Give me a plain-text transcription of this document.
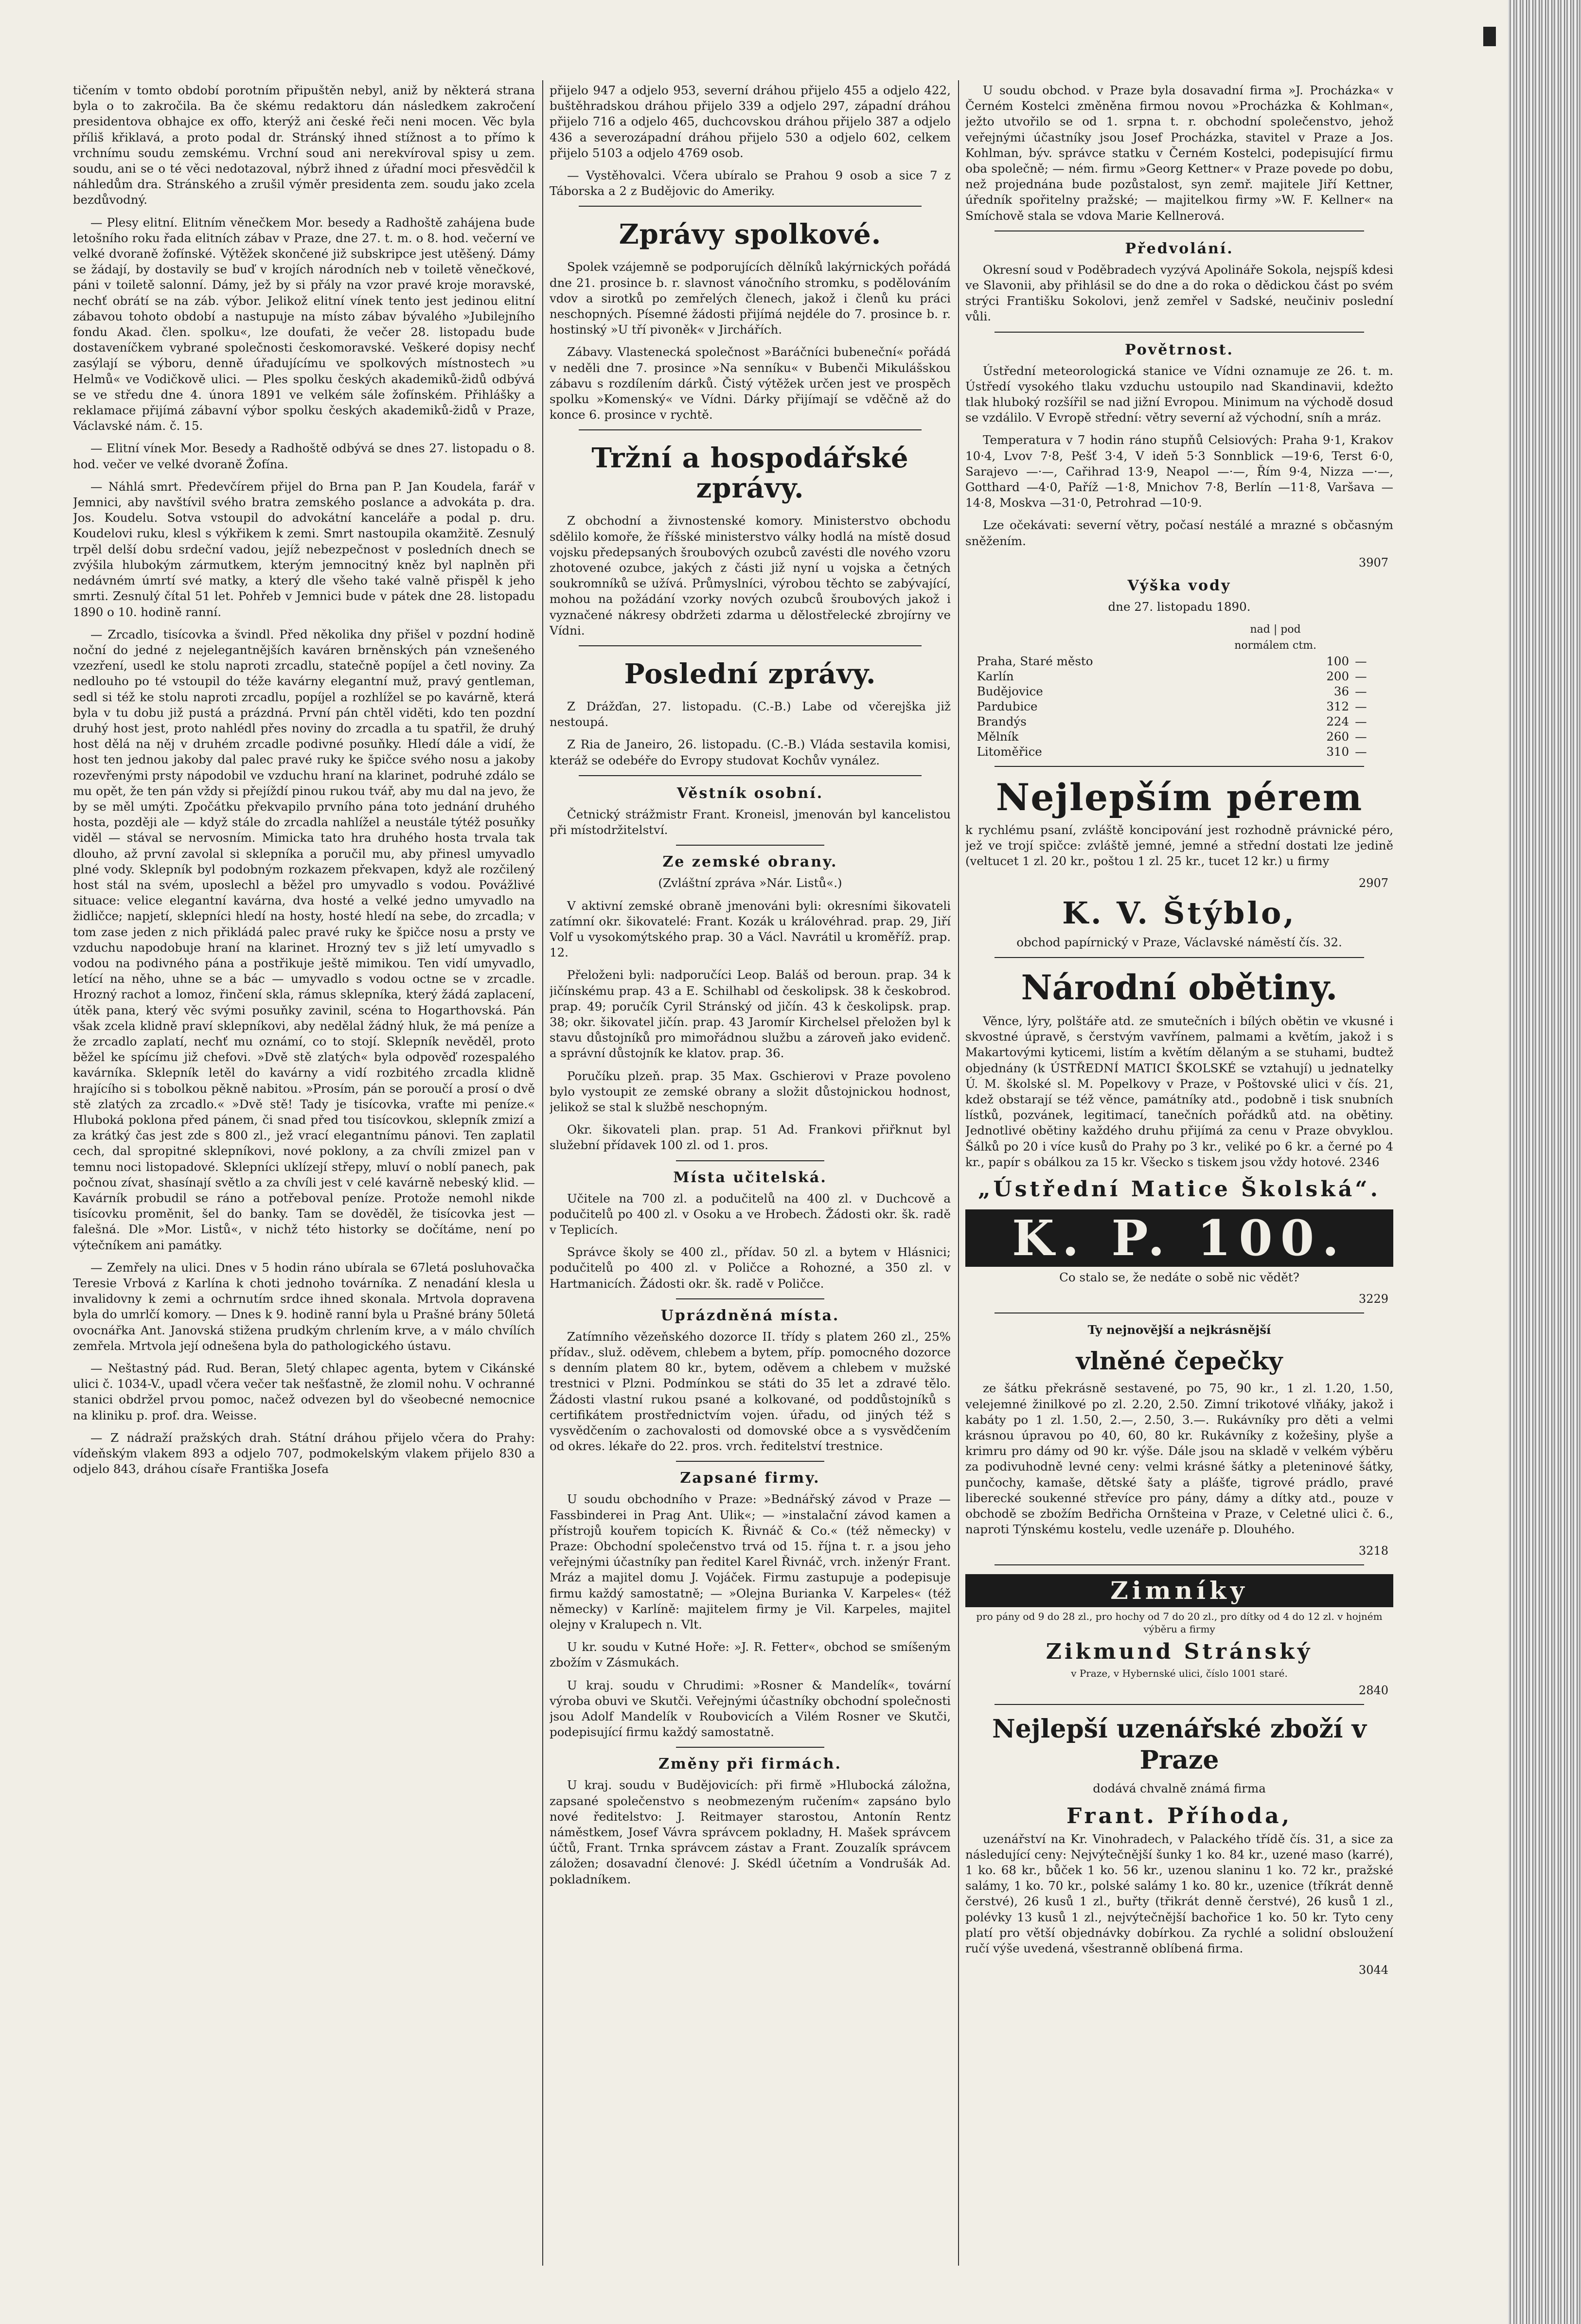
tičením v tomto období porotním připuštěn nebyl, aniž by některá strana byla o to zakročila. Ba če skému redaktoru dán následkem zakročení presidentova obhajce ex offo, kterýž ani české řeči neni mocen. Věc byla příliš křiklavá, a proto podal dr. Stránský ihned stížnost a to přímo k vrchnímu soudu zemskému. Vrchní soud ani nerekvíroval spisy u zem. soudu, ani se o té věci nedotazoval, nýbrž ihned z úřadní moci přesvědčil k náhledům dra. Stránského a zrušil výměr presidenta zem. soudu jako zcela bezdůvodný.

— Plesy elitní. Elitním věnečkem Mor. besedy a Radhoště zahájena bude letošního roku řada elitních zábav v Praze, dne 27. t. m. o 8. hod. večerní ve velké dvoraně žofínské. Výtěžek skončené již subskripce jest utěšený. Dámy se žádají, by dostavily se buď v krojích národních neb v toiletě věnečkové, páni v toiletě salonní. Dámy, jež by si přály na vzor pravé kroje moravské, nechť obrátí se na záb. výbor. Jelikož elitní vínek tento jest jedinou elitní zábavou tohoto období a nastupuje na místo zábav bývalého »Jubilejního fondu Akad. člen. spolku«, lze doufati, že večer 28. listopadu bude dostaveníčkem vybrané společnosti českomoravské. Veškeré dopisy nechť zasýlají se výboru, denně úřadujícímu ve spolkových místnostech »u Helmů« ve Vodičkově ulici. — Ples spolku českých akademiků-židů odbývá se ve středu dne 4. února 1891 ve velkém sále žofínském. Přihlášky a reklamace přijímá zábavní výbor spolku českých akademiků-židů v Praze, Václavské nám. č. 15.

— Elitní vínek Mor. Besedy a Radhoště odbývá se dnes 27. listopadu o 8. hod. večer ve velké dvoraně Žofína.

— Náhlá smrt. Předevčírem přijel do Brna pan P. Jan Koudela, farář v Jemnici, aby navštívil svého bratra zemského poslance a advokáta p. dra. Jos. Koudelu. Sotva vstoupil do advokátní kanceláře a podal p. dru. Koudelovi ruku, klesl s výkřikem k zemi. Smrt nastoupila okamžitě. Zesnulý trpěl delší dobu srdeční vadou, jejíž nebezpečnost v posledních dnech se zvýšila hlubokým zármutkem, kterým jemnocitný kněz byl naplněn při nedávném úmrtí své matky, a který dle všeho také valně přispěl k jeho smrti. Zesnulý čítal 51 let. Pohřeb v Jemnici bude v pátek dne 28. listopadu 1890 o 10. hodině ranní.

— Zrcadlo, tisícovka a švindl. Před několika dny přišel v pozdní hodině noční do jedné z nejelegantnějších kaváren brněnských pán vznešeného vzezření, usedl ke stolu naproti zrcadlu, statečně popíjel a četl noviny. Za nedlouho po té vstoupil do téže kavárny elegantní muž, pravý gentleman, sedl si též ke stolu naproti zrcadlu, popíjel a rozhlížel se po kavárně, která byla v tu dobu již pustá a prázdná. První pán chtěl viděti, kdo ten pozdní druhý host jest, proto nahlédl přes noviny do zrcadla a tu spatřil, že druhý host dělá na něj v druhém zrcadle podivné posuňky. Hledí dále a vidí, že host ten jednou jakoby dal palec pravé ruky ke špičce svého nosu a jakoby rozevřenými prsty nápodobil ve vzduchu hraní na klarinet, podruhé zdálo se mu opět, že ten pán vždy si přejíždí pinou rukou tvář, aby mu dal na jevo, že by se měl umýti. Zpočátku překvapilo prvního pána toto jednání druhého hosta, později ale — když stále do zrcadla nahlížel a neustále týtéž posuňky viděl — stával se nervosním. Mimicka tato hra druhého hosta trvala tak dlouho, až první zavolal si sklepníka a poručil mu, aby přinesl umyvadlo plné vody. Sklepník byl podobným rozkazem překvapen, když ale rozčilený host stál na svém, uposlechl a běžel pro umyvadlo s vodou. Povážlivé situace: velice elegantní kavárna, dva hosté a velké jedno umyvadlo na židličce; napjetí, sklepníci hledí na hosty, hosté hledí na sebe, do zrcadla; v tom zase jeden z nich přikládá palec pravé ruky ke špičce nosu a prsty ve vzduchu napodobuje hraní na klarinet. Hrozný tev s již letí umyvadlo s vodou na podivného pána a postřikuje ještě mimikou. Ten vidí umyvadlo, letící na něho, uhne se a bác — umyvadlo s vodou octne se v zrcadle. Hrozný rachot a lomoz, řinčení skla, rámus sklepníka, který žádá zaplacení, útěk pana, který věc svými posuňky zavinil, scéna to Hogarthovská. Pán však zcela klidně praví sklepníkovi, aby nedělal žádný hluk, že má peníze a že zrcadlo zaplatí, nechť mu oznámí, co to stojí. Sklepník nevěděl, proto běžel ke spícímu již chefovi. »Dvě stě zlatých« byla odpověď rozespalého kavárníka. Sklepník letěl do kavárny a vidí rozbitého zrcadla klidně hrajícího si s tobolkou pěkně nabitou. »Prosím, pán se poroučí a prosí o dvě stě zlatých za zrcadlo.« »Dvě stě! Tady je tisícovka, vraťte mi peníze.« Hluboká poklona před pánem, či snad před tou tisícovkou, sklepník zmizí a za krátký čas jest zde s 800 zl., jež vrací elegantnímu pánovi. Ten zaplatil cech, dal spropitné sklepníkovi, nové poklony, a za chvíli zmizel pan v temnu noci listopadové. Sklepníci uklízejí střepy, mluví o noblí panech, pak počnou zívat, shasínají světlo a za chvíli jest v celé kavárně nebeský klid. — Kavárník probudil se ráno a potřeboval peníze. Protože nemohl nikde tisícovku proměnit, šel do banky. Tam se dověděl, že tisícovka jest — falešná. Dle »Mor. Listů«, v nichž této historky se dočítáme, není po výtečníkem ani památky.

— Zemřely na ulici. Dnes v 5 hodin ráno ubírala se 67letá posluhovačka Teresie Vrbová z Karlína k choti jednoho továrníka. Z nenadání klesla u invalidovny k zemi a ochrnutím srdce ihned skonala. Mrtvola dopravena byla do umrlčí komory. — Dnes k 9. hodině ranní byla u Prašné brány 50letá ovocnářka Ant. Janovská stižena prudkým chrlením krve, a v málo chvílích zemřela. Mrtvola její odnešena byla do pathologického ústavu.

— Neštastný pád. Rud. Beran, 5letý chlapec agenta, bytem v Cikánské ulici č. 1034-V., upadl včera večer tak nešťastně, že zlomil nohu. V ochranné stanici obdržel prvou pomoc, načež odvezen byl do všeobecné nemocnice na kliniku p. prof. dra. Weisse.

— Z nádraží pražských drah. Státní dráhou přijelo včera do Prahy: vídeňským vlakem 893 a odjelo 707, podmokelským vlakem přijelo 830 a odjelo 843, dráhou císaře Františka Josefa

přijelo 947 a odjelo 953, severní dráhou přijelo 455 a odjelo 422, buštěhradskou dráhou přijelo 339 a odjelo 297, západní dráhou přijelo 716 a odjelo 465, duchcovskou dráhou přijelo 387 a odjelo 436 a severozápadní dráhou přijelo 530 a odjelo 602, celkem přijelo 5103 a odjelo 4769 osob.

— Vystěhovalci. Včera ubíralo se Prahou 9 osob a sice 7 z Táborska a 2 z Budějovic do Ameriky.

Zprávy spolkové.

Spolek vzájemně se podporujících dělníků lakýrnických pořádá dne 21. prosince b. r. slavnost vánočního stromku, s podělováním vdov a sirotků po zemřelých členech, jakož i členů ku práci neschopných. Písemné žádosti přijímá nejdéle do 7. prosince b. r. hostinský »U tří pivoněk« v Jirchářích.

Zábavy. Vlastenecká společnost »Baráčníci bubeneční« pořádá v neděli dne 7. prosince »Na senníku« v Bubenči Mikulášskou zábavu s rozdílením dárků. Čistý výtěžek určen jest ve prospěch spolku »Komenský« ve Vídni. Dárky přijímají se vděčně až do konce 6. prosince v rychtě.

Tržní a hospodářské zprávy.

Z obchodní a živnostenské komory. Ministerstvo obchodu sdělilo komoře, že říšské ministerstvo války hodlá na místě dosud vojsku předepsaných šroubových ozubců zavésti dle nového vzoru zhotovené ozubce, jakých z části již nyní u vojska a četných soukromníků se užívá. Průmyslníci, výrobou těchto se zabývající, mohou na požádání vzorky nových ozubců šroubových jakož i vyznačené nákresy obdržeti zdarma u dělostřelecké zbrojírny ve Vídni.

Poslední zprávy.

Z Drážďan, 27. listopadu. (C.-B.) Labe od včerejška již nestoupá.

Z Ria de Janeiro, 26. listopadu. (C.-B.) Vláda sestavila komisi, kteráž se odebéře do Evropy studovat Kochův vynález.

Věstník osobní.

Četnický strážmistr Frant. Kroneisl, jmenován byl kancelistou při místodržitelství.

Ze zemské obrany.

(Zvláštní zpráva »Nár. Listů«.)

V aktivní zemské obraně jmenováni byli: okresními šikovateli zatímní okr. šikovatelé: Frant. Kozák u královéhrad. prap. 29, Jiří Volf u vysokomýtského prap. 30 a Václ. Navrátil u kroměříž. prap. 12.

Přeloženi byli: nadporučíci Leop. Baláš od beroun. prap. 34 k jičínskému prap. 43 a E. Schilhabl od českolipsk. 38 k českobrod. prap. 49; poručík Cyril Stránský od jičín. 43 k českolipsk. prap. 38; okr. šikovatel jičín. prap. 43 Jaromír Kirchelsel přeložen byl k stavu důstojníků pro mimořádnou službu a zároveň jako evidenč. a správní důstojník ke klatov. prap. 36.

Poručíku plzeň. prap. 35 Max. Gschierovi v Praze povoleno bylo vystoupit ze zemské obrany a složit důstojnickou hodnost, jelikož se stal k službě neschopným.

Okr. šikovateli plan. prap. 51 Ad. Frankovi přiřknut byl služební přídavek 100 zl. od 1. pros.

Místa učitelská.

Učitele na 700 zl. a podučitelů na 400 zl. v Duchcově a podučitelů po 400 zl. v Osoku a ve Hrobech. Žádosti okr. šk. radě v Teplicích.

Správce školy se 400 zl., přídav. 50 zl. a bytem v Hlásnici; podučitelů po 400 zl. v Poličce a Rohozné, a 350 zl. v Hartmanicích. Žádosti okr. šk. radě v Poličce.

Uprázdněná místa.

Zatímního vězeňského dozorce II. třídy s platem 260 zl., 25% přídav., služ. oděvem, chlebem a bytem, příp. pomocného dozorce s denním platem 80 kr., bytem, oděvem a chlebem v mužské trestnici v Plzni. Podmínkou se státi do 35 let a zdravé tělo. Žádosti vlastní rukou psané a kolkované, od poddůstojníků s certifikátem prostřednictvím vojen. úřadu, od jiných též s vysvědčením o zachovalosti od domovské obce a s vysvědčením od okres. lékaře do 22. pros. vrch. ředitelství trestnice.

Zapsané firmy.

U soudu obchodního v Praze: »Bednářský závod v Praze — Fassbinderei in Prag Ant. Ulik«; — »instalační závod kamen a přístrojů kouřem topicích K. Řivnáč & Co.« (též německy) v Praze: Obchodní společenstvo trvá od 15. října t. r. a jsou jeho veřejnými účastníky pan ředitel Karel Řivnáč, vrch. inženýr Frant. Mráz a majitel domu J. Vojáček. Firmu zastupuje a podepisuje firmu každý samostatně; — »Olejna Burianka V. Karpeles« (též německy) v Karlíně: majitelem firmy je Vil. Karpeles, majitel olejny v Kralupech n. Vlt.

U kr. soudu v Kutné Hoře: »J. R. Fetter«, obchod se smíšeným zbožím v Zásmukách.

U kraj. soudu v Chrudimi: »Rosner & Mandelík«, tovární výroba obuvi ve Skutči. Veřejnými účastníky obchodní společnosti jsou Adolf Mandelík v Roubovicích a Vilém Rosner ve Skutči, podepisující firmu každý samostatně.

Změny při firmách.

U kraj. soudu v Budějovicích: při firmě »Hlubocká záložna, zapsané společenstvo s neobmezeným ručením« zapsáno bylo nové ředitelstvo: J. Reitmayer starostou, Antonín Rentz náměstkem, Josef Vávra správcem pokladny, H. Mašek správcem účtů, Frant. Trnka správcem zástav a Frant. Zouzalík správcem záložen; dosavadní členové: J. Skédl účetním a Vondrušák Ad. pokladníkem.

U soudu obchod. v Praze byla dosavadní firma »J. Procházka« v Černém Kostelci změněna firmou novou »Procházka & Kohlman«, ježto utvořilo se od 1. srpna t. r. obchodní společenstvo, jehož veřejnými účastníky jsou Josef Procházka, stavitel v Praze a Jos. Kohlman, býv. správce statku v Černém Kostelci, podepisující firmu oba společně; — ném. firmu »Georg Kettner« v Praze povede po dobu, než projednána bude pozůstalost, syn zemř. majitele Jiří Kettner, úředník spořitelny pražské; — majitelkou firmy »W. F. Kellner« na Smíchově stala se vdova Marie Kellnerová.

Předvolání.

Okresní soud v Poděbradech vyzývá Apolináře Sokola, nejspíš kdesi ve Slavonii, aby přihlásil se do dne a do roka o dědickou část po svém strýci Františku Sokolovi, jenž zemřel v Sadské, neučiniv poslední vůli.

Povětrnost.

Ústřední meteorologická stanice ve Vídni oznamuje ze 26. t. m. Ústředí vysokého tlaku vzduchu ustoupilo nad Skandinavii, kdežto tlak hluboký rozšířil se nad jižní Evropou. Minimum na východě dosud se vzdálilo. V Evropě střední: větry severní až východní, sníh a mráz.

Temperatura v 7 hodin ráno stupňů Celsiových: Praha 9·1, Krakov 10·4, Lvov 7·8, Pešť 3·4, V ideň 5·3 Sonnblick —19·6, Terst 6·0, Sarajevo —·—, Cařihrad 13·9, Neapol —·—, Řím 9·4, Nizza —·—, Gotthard —4·0, Paříž —1·8, Mnichov 7·8, Berlín —11·8, Varšava —14·8, Moskva —31·0, Petrohrad —10·9.

Lze očekávati: severní větry, počasí nestálé a mrazné s občasným sněžením.

3907
Výška vody

dne 27. listopadu 1890.

	nad | pod	
	normálem ctm.	
Praha, Staré město	100	—
Karlín	200	—
Budějovice	36	—
Pardubice	312	—
Brandýs	224	—
Mělník	260	—
Litoměřice	310	—
Nejlepším pérem

k rychlému psaní, zvláště koncipování jest rozhodně právnické péro, jež ve trojí spičce: zvláště jemné, jemné a střední dostati lze jedině (veltucet 1 zl. 20 kr., poštou 1 zl. 25 kr., tucet 12 kr.) u firmy

2907
K. V. Štýblo,

obchod papírnický v Praze, Václavské náměstí čís. 32.

Národní obětiny.

Věnce, lýry, polštáře atd. ze smutečních i bílých obětin ve vkusné i skvostné úpravě, s čerstvým vavřínem, palmami a květím, jakož i s Makartovými kyticemi, listím a květím dělaným a se stuhami, budtež objednány (k ÚSTŘEDNÍ MATICI ŠKOLSKÉ se vztahují) u jednatelky Ú. M. školské sl. M. Popelkovy v Praze, v Poštovské ulici v čís. 21, kdež obstarají se též věnce, památníky atd., podobně i tisk snubních lístků, pozvánek, legitimací, tanečních pořádků atd. na obětiny. Jednotlivé obětiny každého druhu přijímá za cenu v Praze obvyklou. Šálků po 20 i více kusů do Prahy po 3 kr., veliké po 6 kr. a černé po 4 kr., papír s obálkou za 15 kr. Všecko s tiskem jsou vždy hotové. 2346

„Ústřední Matice Školská“.
K. P. 100.

Co stalo se, že nedáte o sobě nic vědět?

3229

Ty nejnovější a nejkrásnější

vlněné čepečky

ze šátku překrásně sestavené, po 75, 90 kr., 1 zl. 1.20, 1.50, velejemné žinilkové po zl. 2.20, 2.50. Zimní trikotové vlňáky, jakož i kabáty po 1 zl. 1.50, 2.—, 2.50, 3.—. Rukávníky pro děti a velmi krásnou úpravou po 40, 60, 80 kr. Rukávníky z kožešiny, plyše a krimru pro dámy od 90 kr. výše. Dále jsou na skladě v velkém výběru za podivuhodně levné ceny: velmi krásné šátky a pleteninové šátky, punčochy, kamaše, dětské šaty a plášťe, tigrové prádlo, pravé liberecké soukenné střevíce pro pány, dámy a dítky atd., pouze v obchodě se zbožím Bedřicha Ornšteina v Praze, v Celetné ulici č. 6., naproti Týnskému kostelu, vedle uzenáře p. Dlouhého.

3218
Zimníky

pro pány od 9 do 28 zl., pro hochy od 7 do 20 zl., pro dítky od 4 do 12 zl. v hojném výběru a firmy

Zikmund Stránský

v Praze, v Hybernské ulici, číslo 1001 staré.

2840
Nejlepší uzenářské zboží v Praze

dodává chvalně známá firma

Frant. Příhoda,

uzenářství na Kr. Vinohradech, v Palackého třídě čís. 31, a sice za následující ceny: Nejvýtečnější šunky 1 ko. 84 kr., uzené maso (karré), 1 ko. 68 kr., bůček 1 ko. 56 kr., uzenou slaninu 1 ko. 72 kr., pražské salámy, 1 ko. 70 kr., polské salámy 1 ko. 80 kr., uzenice (tříkrát denně čerstvé), 26 kusů 1 zl., buřty (třikrát denně čerstvé), 26 kusů 1 zl., polévky 13 kusů 1 zl., nejvýtečnější bachořice 1 ko. 50 kr. Tyto ceny platí pro větší objednávky dobírkou. Za rychlé a solidní obsloužení ručí výše uvedená, všestranně oblíbená firma.

3044
